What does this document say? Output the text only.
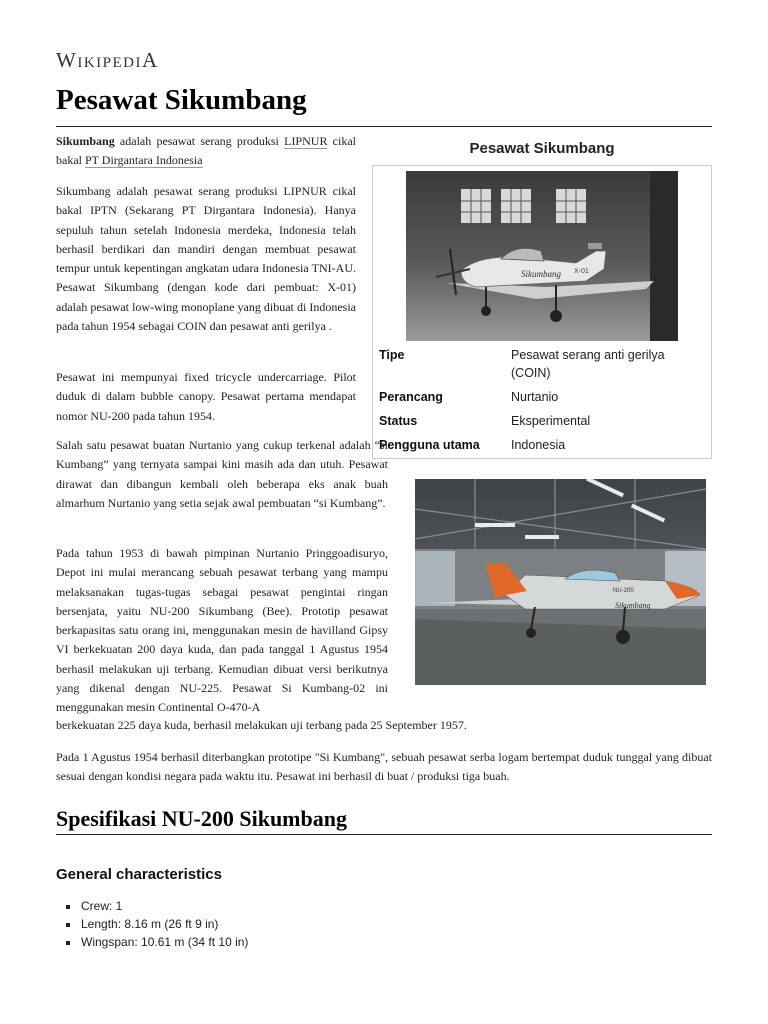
WikipediA
Pesawat Sikumbang

Sikumbang adalah pesawat serang produksi LIPNUR cikal bakal PT Dirgantara Indonesia

Sikumbang adalah pesawat serang produksi LIPNUR cikal bakal IPTN (Sekarang PT Dirgantara Indonesia). Hanya sepuluh tahun setelah Indonesia merdeka, Indonesia telah berhasil berdikari dan mandiri dengan membuat pesawat tempur untuk kepentingan angkatan udara Indonesia TNI-AU. Pesawat Sikumbang (dengan kode dari pembuat: X-01) adalah pesawat low-wing monoplane yang dibuat di Indonesia pada tahun 1954 sebagai COIN dan pesawat anti gerilya .

Pesawat ini mempunyai fixed tricycle undercarriage. Pilot duduk di dalam bubble canopy. Pesawat pertama mendapat nomor NU-200 pada tahun 1954.

Pesawat Sikumbang
Sikumbang X-01
Tipe	Pesawat serang anti gerilya (COIN)
Perancang	Nurtanio
Status	Eksperimental
Pengguna utama	Indonesia
Sikumbang
NU-200

Salah satu pesawat buatan Nurtanio yang cukup terkenal adalah “si Kumbang” yang ternyata sampai kini masih ada dan utuh. Pesawat dirawat dan dibangun kembali oleh beberapa eks anak buah almarhum Nurtanio yang setia sejak awal pembuatan “si Kumbang”.

Pada tahun 1953 di bawah pimpinan Nurtanio Pringgoadisuryo, Depot ini mulai merancang sebuah pesawat terbang yang mampu melaksanakan tugas-tugas sebagai pesawat pengintai ringan bersenjata, yaitu NU-200 Sikumbang (Bee). Prototip pesawat berkapasitas satu orang ini, menggunakan mesin de havilland Gipsy VI berkekuatan 200 daya kuda, dan pada tanggal 1 Agustus 1954 berhasil melakukan uji terbang. Kemudian dibuat versi berikutnya yang dikenal dengan NU-225. Pesawat Si Kumbang-02 ini menggunakan mesin Continental O-470-A

berkekuatan 225 daya kuda, berhasil melakukan uji terbang pada 25 September 1957.

Pada 1 Agustus 1954 berhasil diterbangkan prototipe "Si Kumbang", sebuah pesawat serba logam bertempat duduk tunggal yang dibuat sesuai dengan kondisi negara pada waktu itu. Pesawat ini berhasil di buat / produksi tiga buah.

Spesifikasi NU-200 Sikumbang
General characteristics
Crew: 1
Length: 8.16 m (26 ft 9 in)
Wingspan: 10.61 m (34 ft 10 in)
